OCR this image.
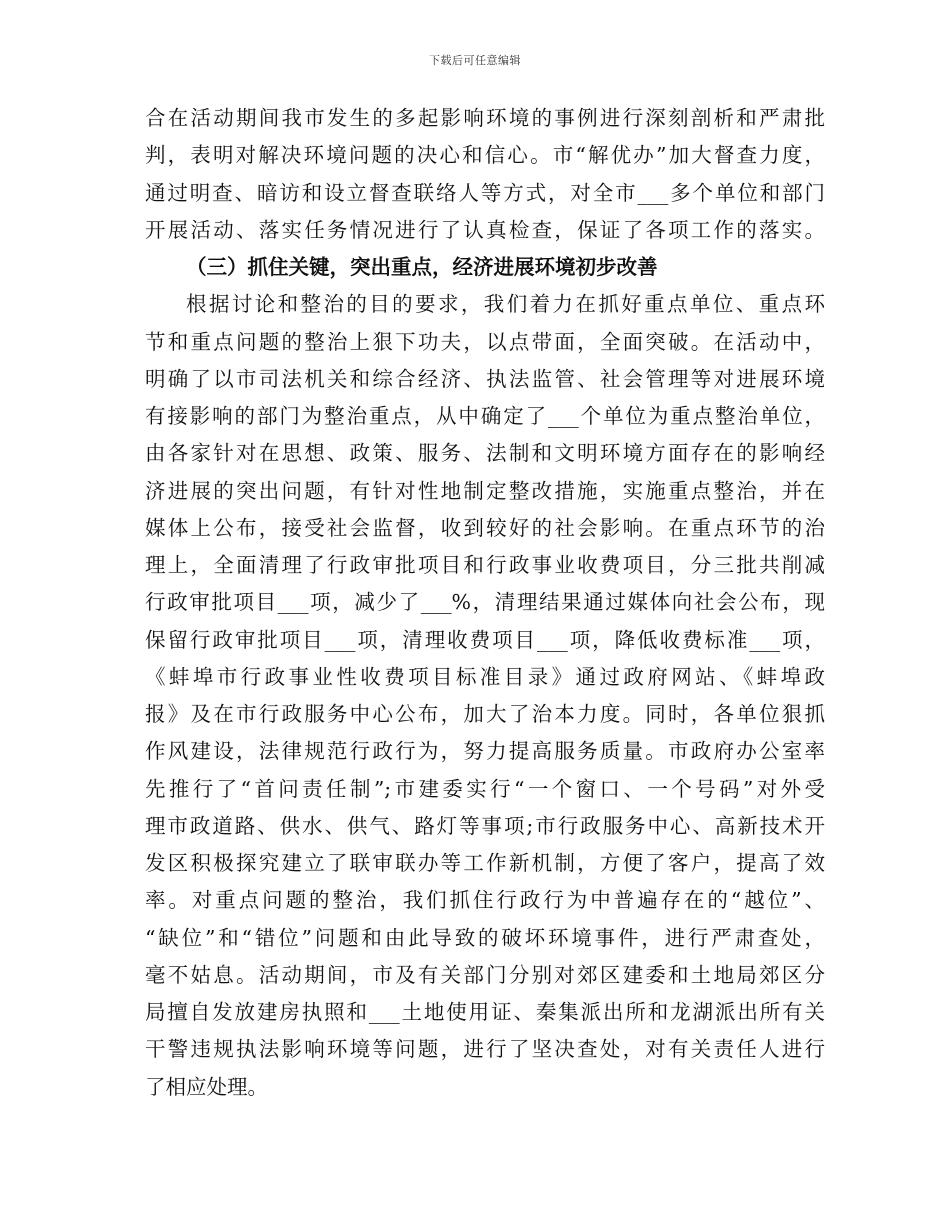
下载后可任意编辑
合在活动期间我市发生的多起影响环境的事例进行深刻剖析和严肃批
判，表明对解决环境问题的决心和信心。市“解优办”加大督查力度，
通过明查、暗访和设立督查联络人等方式，对全市___多个单位和部门
开展活动、落实任务情况进行了认真检查，保证了各项工作的落实。
（三）抓住关键，突出重点，经济进展环境初步改善
根据讨论和整治的目的要求，我们着力在抓好重点单位、重点环
节和重点问题的整治上狠下功夫，以点带面，全面突破。在活动中，
明确了以市司法机关和综合经济、执法监管、社会管理等对进展环境
有接影响的部门为整治重点，从中确定了___个单位为重点整治单位，
由各家针对在思想、政策、服务、法制和文明环境方面存在的影响经
济进展的突出问题，有针对性地制定整改措施，实施重点整治，并在
媒体上公布，接受社会监督，收到较好的社会影响。在重点环节的治
理上，全面清理了行政审批项目和行政事业收费项目，分三批共削减
行政审批项目___项，减少了___%，清理结果通过媒体向社会公布，现
保留行政审批项目___项，清理收费项目___项，降低收费标准___项，
《蚌埠市行政事业性收费项目标准目录》通过政府网站、《蚌埠政
报》及在市行政服务中心公布，加大了治本力度。同时，各单位狠抓
作风建设，法律规范行政行为，努力提高服务质量。市政府办公室率
先推行了“首问责任制”;市建委实行“一个窗口、一个号码”对外受
理市政道路、供水、供气、路灯等事项;市行政服务中心、高新技术开
发区积极探究建立了联审联办等工作新机制，方便了客户，提高了效
率。对重点问题的整治，我们抓住行政行为中普遍存在的“越位”、
“缺位”和“错位”问题和由此导致的破坏环境事件，进行严肃查处，
毫不姑息。活动期间，市及有关部门分别对郊区建委和土地局郊区分
局擅自发放建房执照和___土地使用证、秦集派出所和龙湖派出所有关
干警违规执法影响环境等问题，进行了坚决查处，对有关责任人进行
了相应处理。
